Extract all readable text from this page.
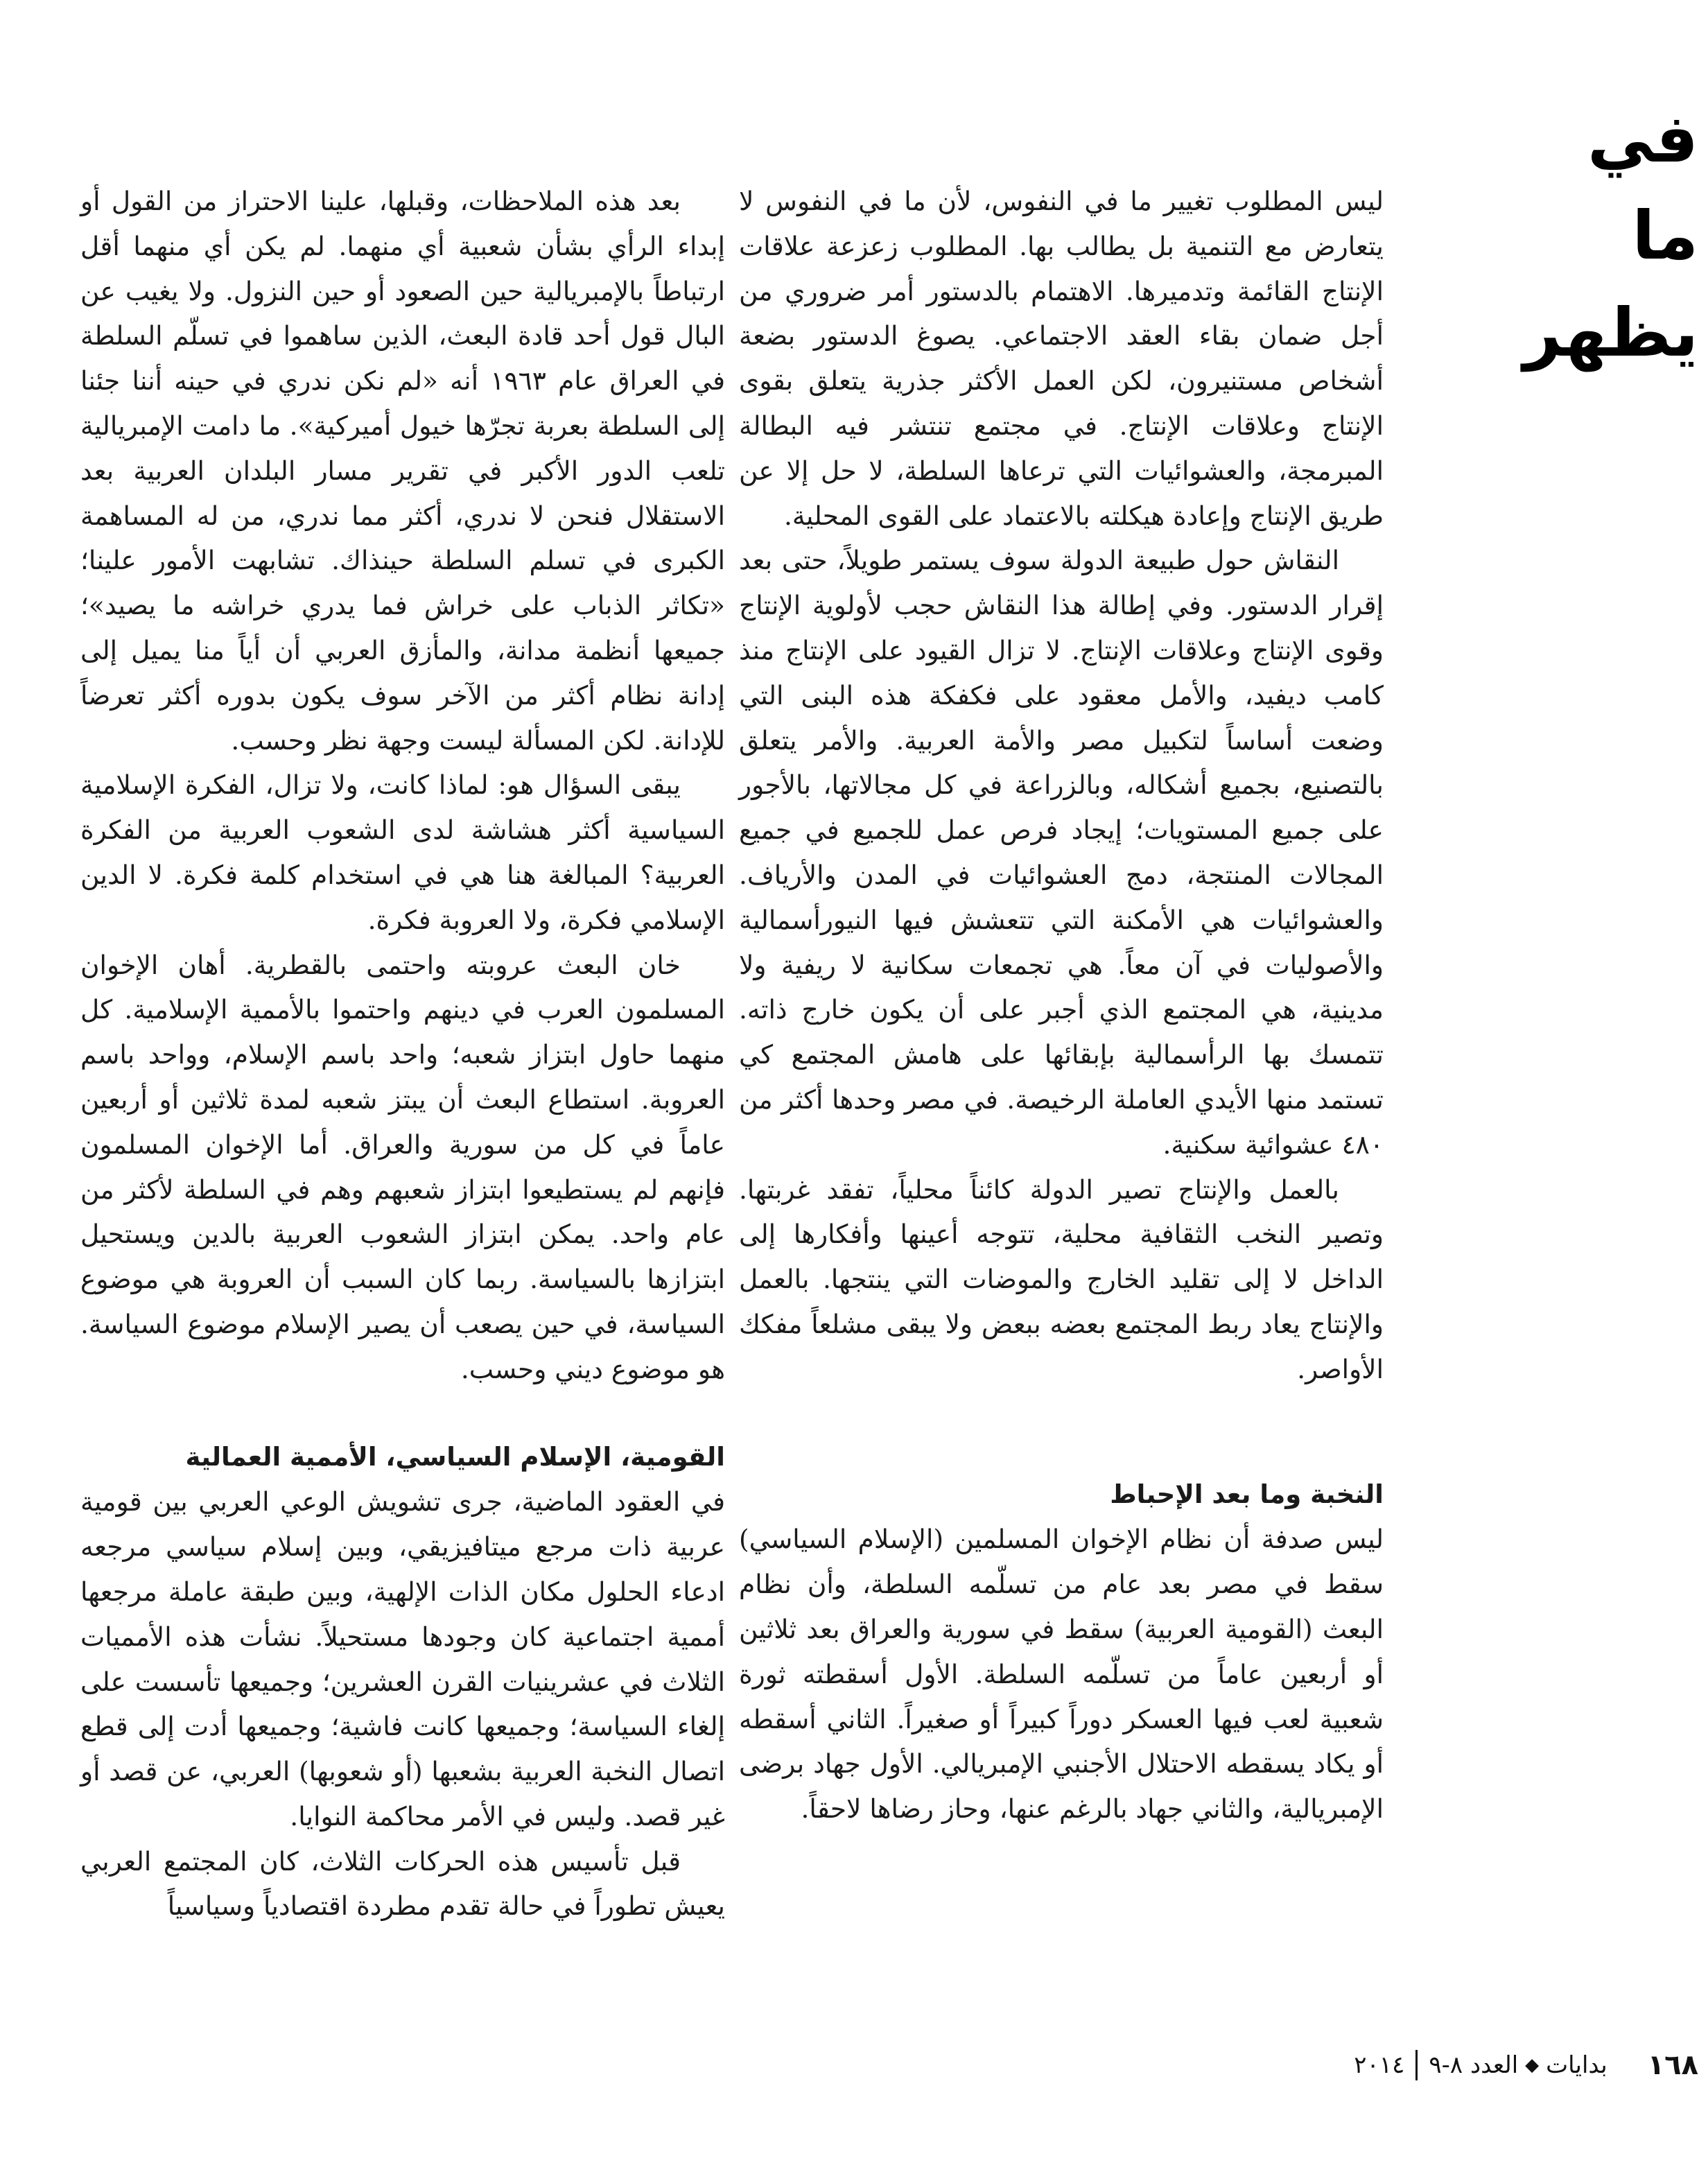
في ما يظهر

ليس المطلوب تغيير ما في النفوس، لأن ما في النفوس لا يتعارض مع التنمية بل يطالب بها. المطلوب زعزعة علاقات الإنتاج القائمة وتدميرها. الاهتمام بالدستور أمر ضروري من أجل ضمان بقاء العقد الاجتماعي. يصوغ الدستور بضعة أشخاص مستنيرون، لكن العمل الأكثر جذرية يتعلق بقوى الإنتاج وعلاقات الإنتاج. في مجتمع تنتشر فيه البطالة المبرمجة، والعشوائيات التي ترعاها السلطة، لا حل إلا عن طريق الإنتاج وإعادة هيكلته بالاعتماد على القوى المحلية.

النقاش حول طبيعة الدولة سوف يستمر طويلاً، حتى بعد إقرار الدستور. وفي إطالة هذا النقاش حجب لأولوية الإنتاج وقوى الإنتاج وعلاقات الإنتاج. لا تزال القيود على الإنتاج منذ كامب ديفيد، والأمل معقود على فكفكة هذه البنى التي وضعت أساساً لتكبيل مصر والأمة العربية. والأمر يتعلق بالتصنيع، بجميع أشكاله، وبالزراعة في كل مجالاتها، بالأجور على جميع المستويات؛ إيجاد فرص عمل للجميع في جميع المجالات المنتجة، دمج العشوائيات في المدن والأرياف. والعشوائيات هي الأمكنة التي تتعشش فيها النيورأسمالية والأصوليات في آن معاً. هي تجمعات سكانية لا ريفية ولا مدينية، هي المجتمع الذي أجبر على أن يكون خارج ذاته. تتمسك بها الرأسمالية بإبقائها على هامش المجتمع كي تستمد منها الأيدي العاملة الرخيصة. في مصر وحدها أكثر من ٤٨٠ عشوائية سكنية.

بالعمل والإنتاج تصير الدولة كائناً محلياً، تفقد غربتها. وتصير النخب الثقافية محلية، تتوجه أعينها وأفكارها إلى الداخل لا إلى تقليد الخارج والموضات التي ينتجها. بالعمل والإنتاج يعاد ربط المجتمع بعضه ببعض ولا يبقى مشلعاً مفكك الأواصر.

النخبة وما بعد الإحباط

ليس صدفة أن نظام الإخوان المسلمين (الإسلام السياسي) سقط في مصر بعد عام من تسلّمه السلطة، وأن نظام البعث (القومية العربية) سقط في سورية والعراق بعد ثلاثين أو أربعين عاماً من تسلّمه السلطة. الأول أسقطته ثورة شعبية لعب فيها العسكر دوراً كبيراً أو صغيراً. الثاني أسقطه أو يكاد يسقطه الاحتلال الأجنبي الإمبريالي. الأول جهاد برضى الإمبريالية، والثاني جهاد بالرغم عنها، وحاز رضاها لاحقاً.

بعد هذه الملاحظات، وقبلها، علينا الاحتراز من القول أو إبداء الرأي بشأن شعبية أي منهما. لم يكن أي منهما أقل ارتباطاً بالإمبريالية حين الصعود أو حين النزول. ولا يغيب عن البال قول أحد قادة البعث، الذين ساهموا في تسلّم السلطة في العراق عام ١٩٦٣ أنه «لم نكن ندري في حينه أننا جئنا إلى السلطة بعربة تجرّها خيول أميركية». ما دامت الإمبريالية تلعب الدور الأكبر في تقرير مسار البلدان العربية بعد الاستقلال فنحن لا ندري، أكثر مما ندري، من له المساهمة الكبرى في تسلم السلطة حينذاك. تشابهت الأمور علينا؛ «تكاثر الذباب على خراش فما يدري خراشه ما يصيد»؛ جميعها أنظمة مدانة، والمأزق العربي أن أياً منا يميل إلى إدانة نظام أكثر من الآخر سوف يكون بدوره أكثر تعرضاً للإدانة. لكن المسألة ليست وجهة نظر وحسب.

يبقى السؤال هو: لماذا كانت، ولا تزال، الفكرة الإسلامية السياسية أكثر هشاشة لدى الشعوب العربية من الفكرة العربية؟ المبالغة هنا هي في استخدام كلمة فكرة. لا الدين الإسلامي فكرة، ولا العروبة فكرة.

خان البعث عروبته واحتمى بالقطرية. أهان الإخوان المسلمون العرب في دينهم واحتموا بالأممية الإسلامية. كل منهما حاول ابتزاز شعبه؛ واحد باسم الإسلام، وواحد باسم العروبة. استطاع البعث أن يبتز شعبه لمدة ثلاثين أو أربعين عاماً في كل من سورية والعراق. أما الإخوان المسلمون فإنهم لم يستطيعوا ابتزاز شعبهم وهم في السلطة لأكثر من عام واحد. يمكن ابتزاز الشعوب العربية بالدين ويستحيل ابتزازها بالسياسة. ربما كان السبب أن العروبة هي موضوع السياسة، في حين يصعب أن يصير الإسلام موضوع السياسة. هو موضوع ديني وحسب.

القومية، الإسلام السياسي، الأممية العمالية

في العقود الماضية، جرى تشويش الوعي العربي بين قومية عربية ذات مرجع ميتافيزيقي، وبين إسلام سياسي مرجعه ادعاء الحلول مكان الذات الإلهية، وبين طبقة عاملة مرجعها أممية اجتماعية كان وجودها مستحيلاً. نشأت هذه الأمميات الثلاث في عشرينيات القرن العشرين؛ وجميعها تأسست على إلغاء السياسة؛ وجميعها كانت فاشية؛ وجميعها أدت إلى قطع اتصال النخبة العربية بشعبها (أو شعوبها) العربي، عن قصد أو غير قصد. وليس في الأمر محاكمة النوايا.

قبل تأسيس هذه الحركات الثلاث، كان المجتمع العربي يعيش تطوراً في حالة تقدم مطردة اقتصادياً وسياسياً

١٦٨
بدايات
◆
العدد ٨-٩
٢٠١٤
